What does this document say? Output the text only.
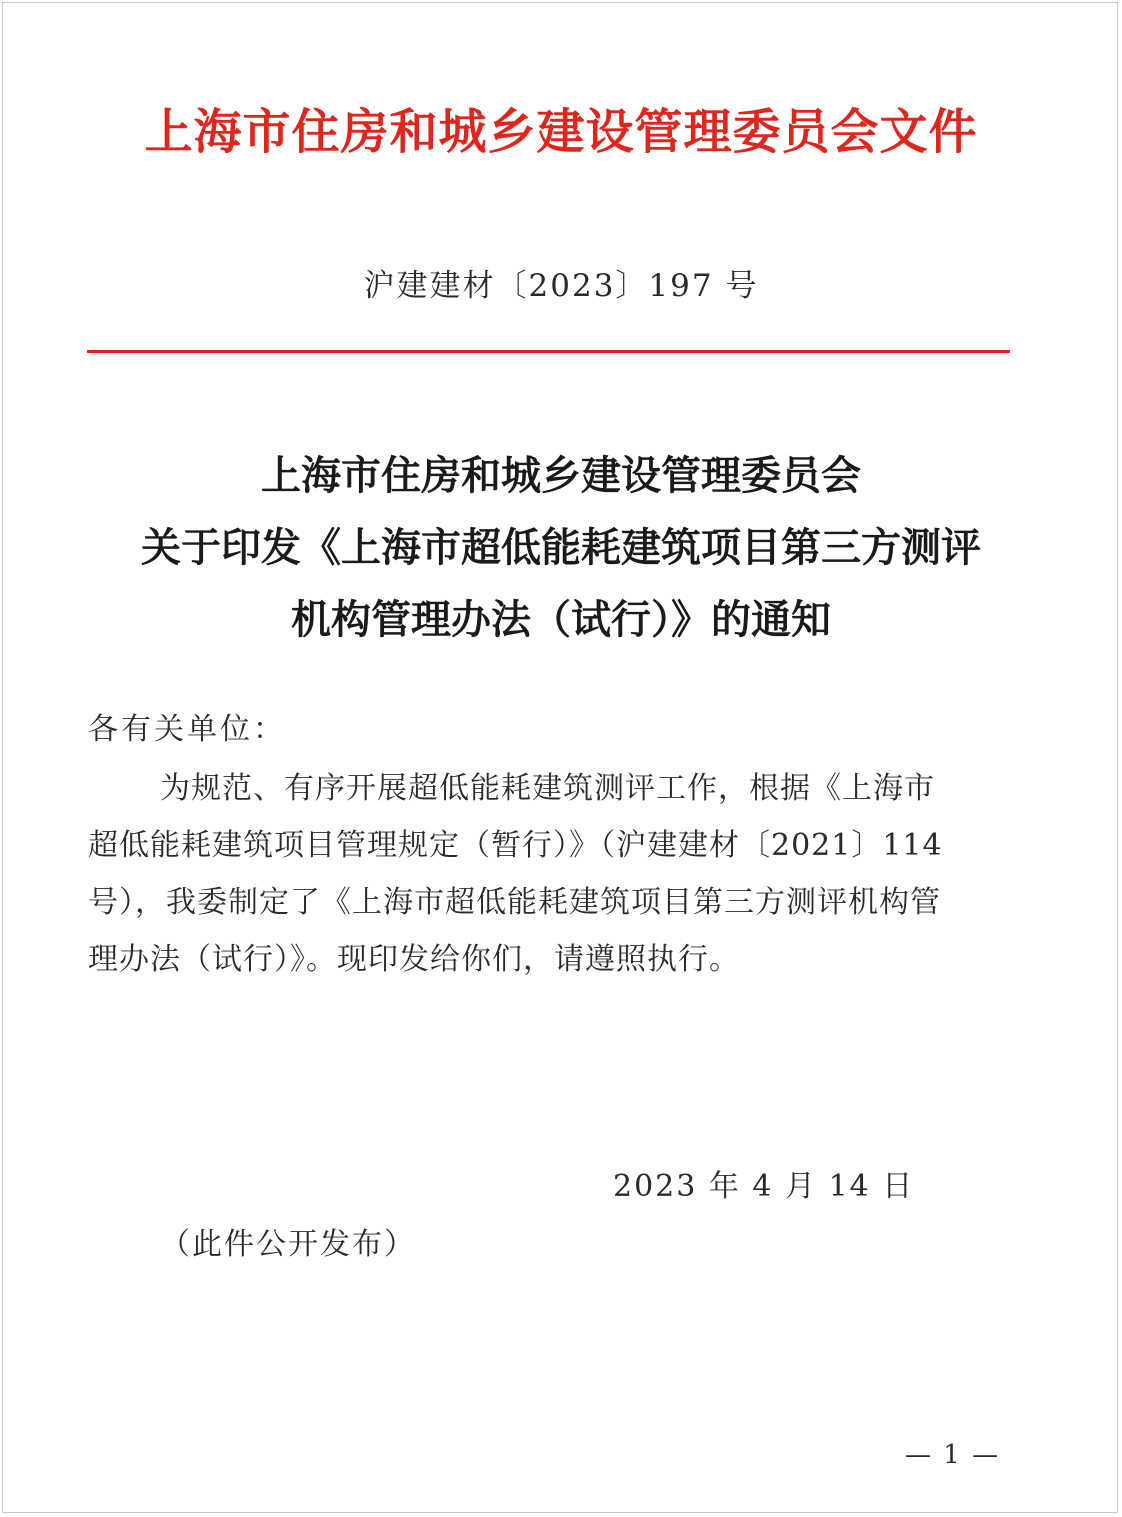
上海市住房和城乡建设管理委员会文件
沪建建材〔2023〕197 号
上海市住房和城乡建设管理委员会
关于印发《上海市超低能耗建筑项目第三方测评
机构管理办法（试行）》的通知
各有关单位：
为规范、有序开展超低能耗建筑测评工作，根据《上海市
超低能耗建筑项目管理规定（暂行）》（沪建建材〔2021〕114
号），我委制定了《上海市超低能耗建筑项目第三方测评机构管
理办法（试行）》。现印发给你们，请遵照执行。
2023 年 4 月 14 日
（此件公开发布）
— 1 —
